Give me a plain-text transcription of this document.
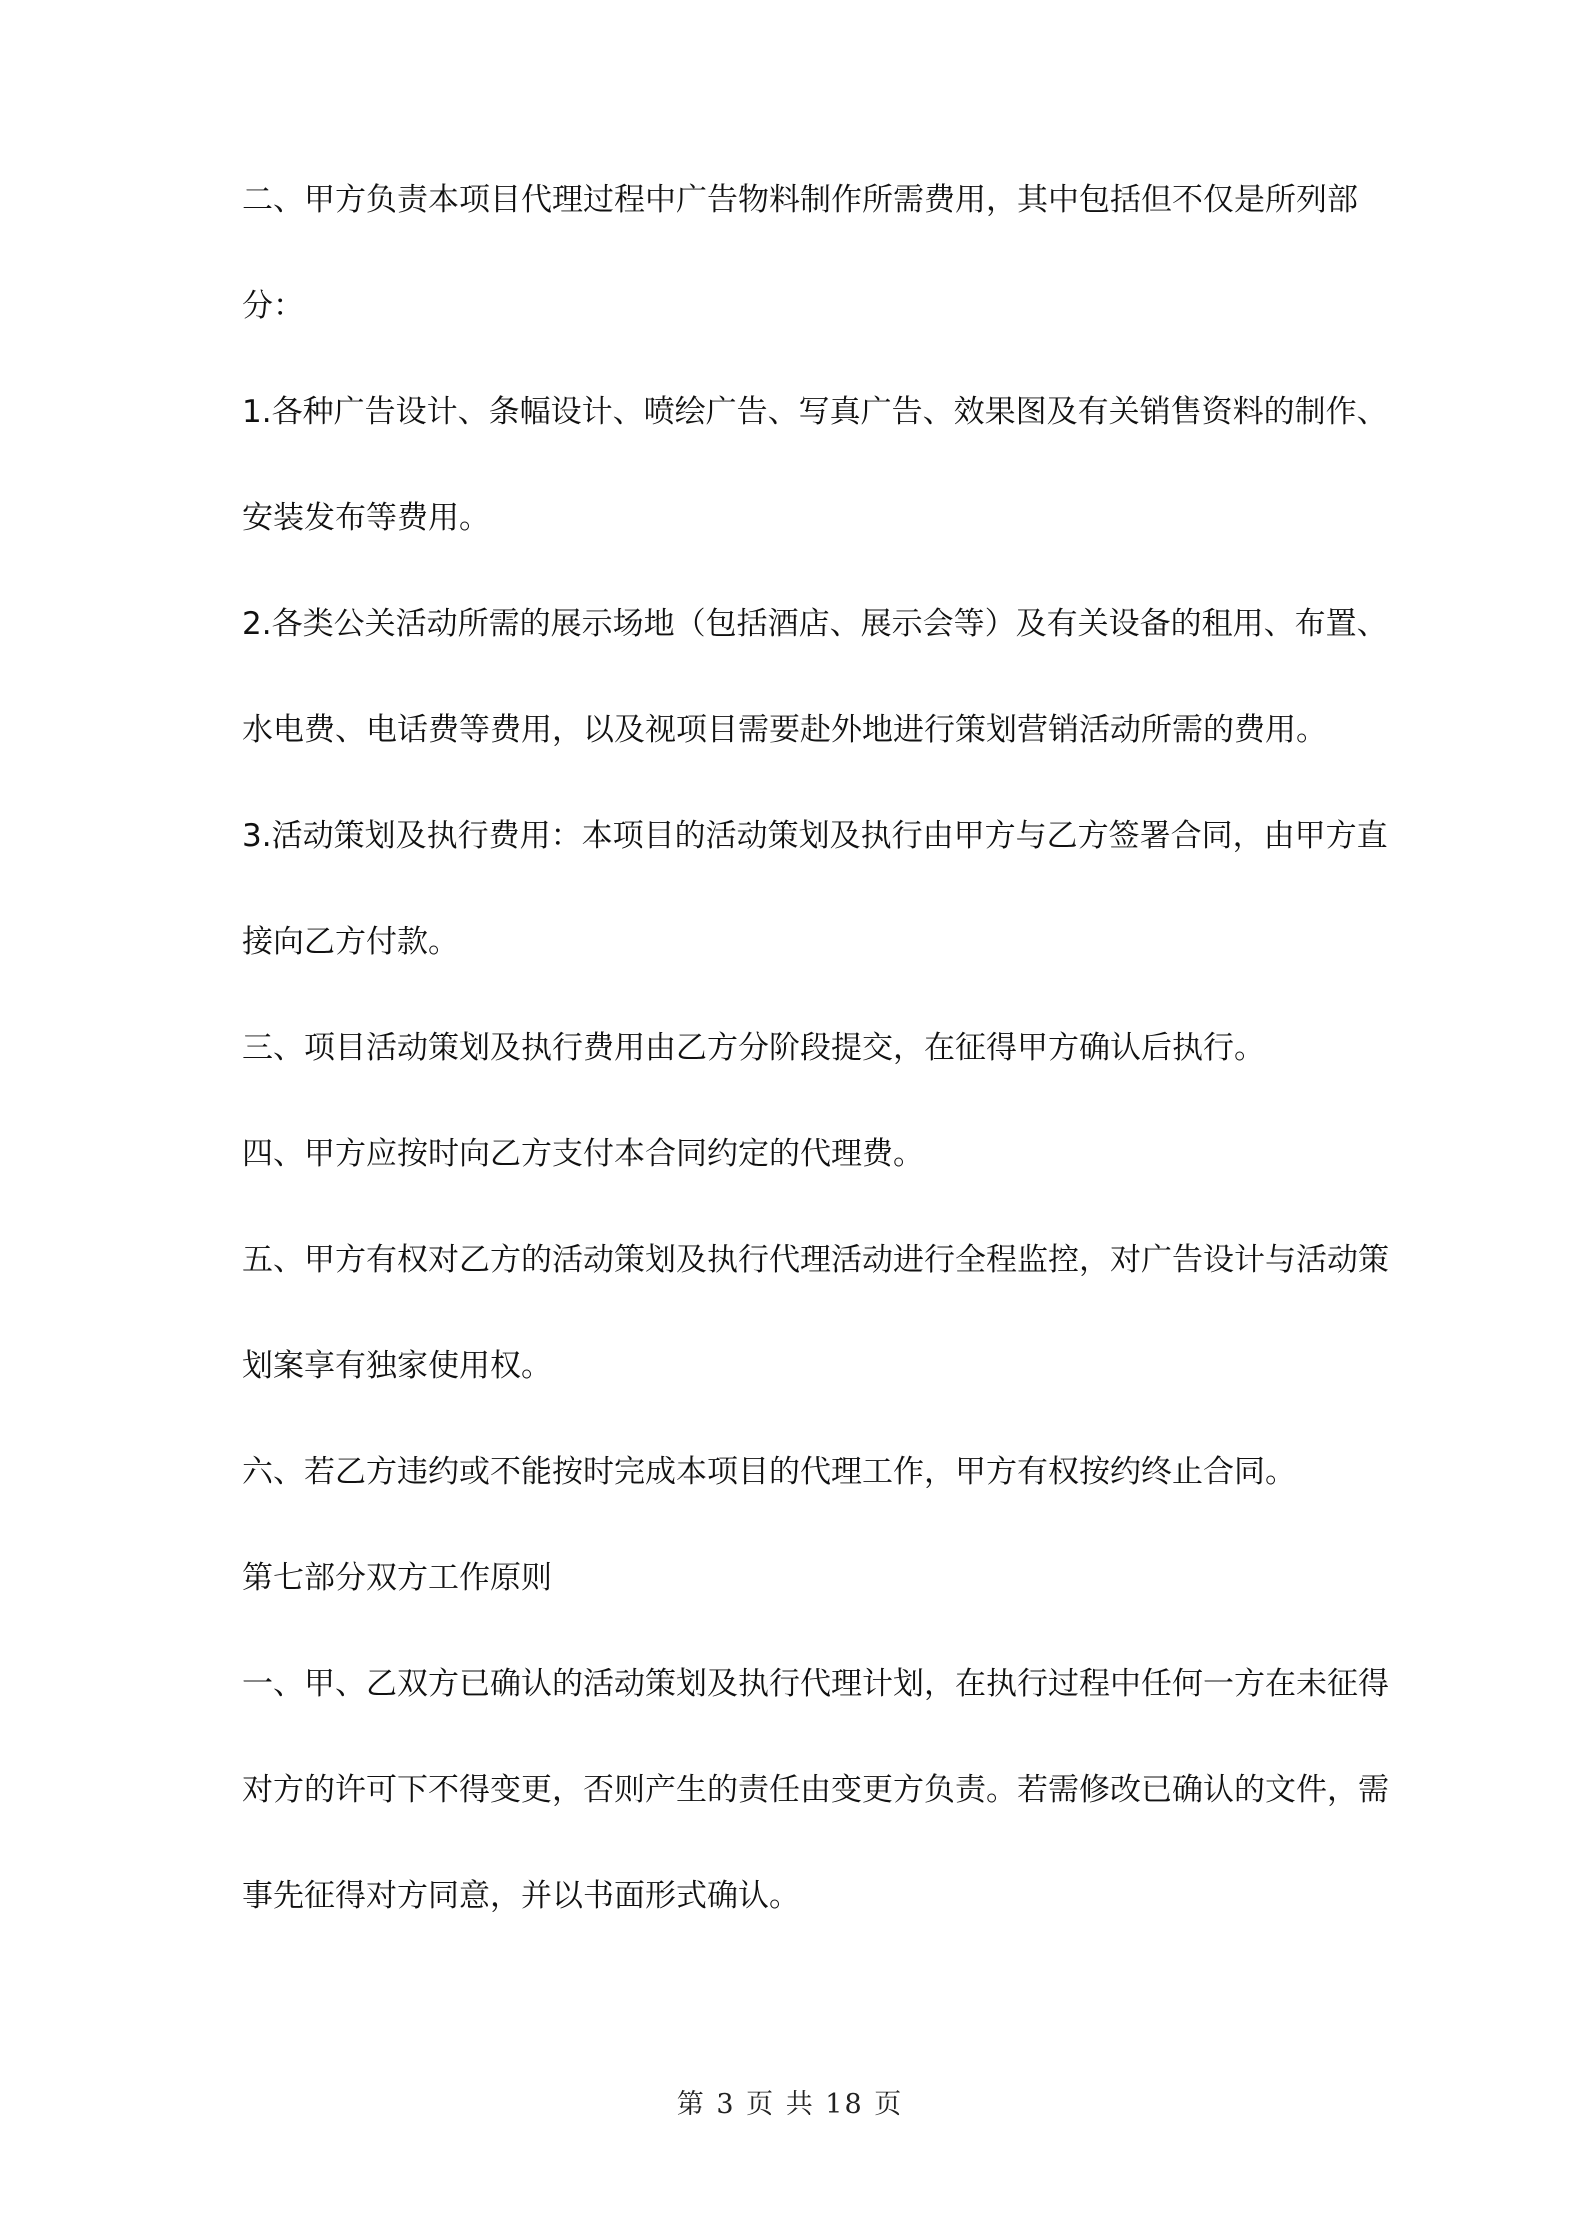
二、甲方负责本项目代理过程中广告物料制作所需费用，其中包括但不仅是所列部
分：
1.各种广告设计、条幅设计、喷绘广告、写真广告、效果图及有关销售资料的制作、
安装发布等费用。
2.各类公关活动所需的展示场地（包括酒店、展示会等）及有关设备的租用、布置、
水电费、电话费等费用，以及视项目需要赴外地进行策划营销活动所需的费用。
3.活动策划及执行费用：本项目的活动策划及执行由甲方与乙方签署合同，由甲方直
接向乙方付款。
三、项目活动策划及执行费用由乙方分阶段提交，在征得甲方确认后执行。
四、甲方应按时向乙方支付本合同约定的代理费。
五、甲方有权对乙方的活动策划及执行代理活动进行全程监控，对广告设计与活动策
划案享有独家使用权。
六、若乙方违约或不能按时完成本项目的代理工作，甲方有权按约终止合同。
第七部分双方工作原则
一、甲、乙双方已确认的活动策划及执行代理计划，在执行过程中任何一方在未征得
对方的许可下不得变更，否则产生的责任由变更方负责。若需修改已确认的文件，需
事先征得对方同意，并以书面形式确认。
第 3 页 共 18 页
